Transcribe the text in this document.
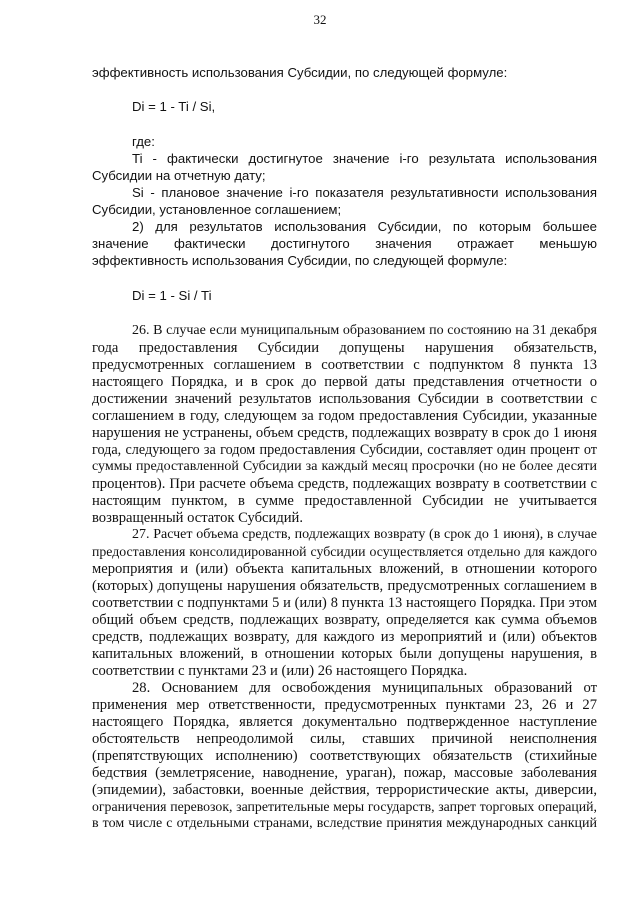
32
эффективность использования Субсидии, по следующей формуле:
Di = 1 - Ti / Si,
где:
Ti - фактически достигнутое значение i-го результата использования
Субсидии на отчетную дату;
Si - плановое значение i-го показателя результативности использования
Субсидии, установленное соглашением;
2) для результатов использования Субсидии, по которым большее
значение фактически достигнутого значения отражает меньшую
эффективность использования Субсидии, по следующей формуле:
Di = 1 - Si / Ti
26. В случае если муниципальным образованием по состоянию на 31 декабря
года предоставления Субсидии допущены нарушения обязательств,
предусмотренных соглашением в соответствии с подпунктом 8 пункта 13
настоящего Порядка, и в срок до первой даты представления отчетности о
достижении значений результатов использования Субсидии в соответствии с
соглашением в году, следующем за годом предоставления Субсидии, указанные
нарушения не устранены, объем средств, подлежащих возврату в срок до 1 июня
года, следующего за годом предоставления Субсидии, составляет один процент от
суммы предоставленной Субсидии за каждый месяц просрочки (но не более десяти
процентов). При расчете объема средств, подлежащих возврату в соответствии с
настоящим пунктом, в сумме предоставленной Субсидии не учитывается
возвращенный остаток Субсидий.
27. Расчет объема средств, подлежащих возврату (в срок до 1 июня), в случае
предоставления консолидированной субсидии осуществляется отдельно для каждого
мероприятия и (или) объекта капитальных вложений, в отношении которого
(которых) допущены нарушения обязательств, предусмотренных соглашением в
соответствии с подпунктами 5 и (или) 8 пункта 13 настоящего Порядка. При этом
общий объем средств, подлежащих возврату, определяется как сумма объемов
средств, подлежащих возврату, для каждого из мероприятий и (или) объектов
капитальных вложений, в отношении которых были допущены нарушения, в
соответствии с пунктами 23 и (или) 26 настоящего Порядка.
28. Основанием для освобождения муниципальных образований от
применения мер ответственности, предусмотренных пунктами 23, 26 и 27
настоящего Порядка, является документально подтвержденное наступление
обстоятельств непреодолимой силы, ставших причиной неисполнения
(препятствующих исполнению) соответствующих обязательств (стихийные
бедствия (землетрясение, наводнение, ураган), пожар, массовые заболевания
(эпидемии), забастовки, военные действия, террористические акты, диверсии,
ограничения перевозок, запретительные меры государств, запрет торговых операций,
в том числе с отдельными странами, вследствие принятия международных санкций
